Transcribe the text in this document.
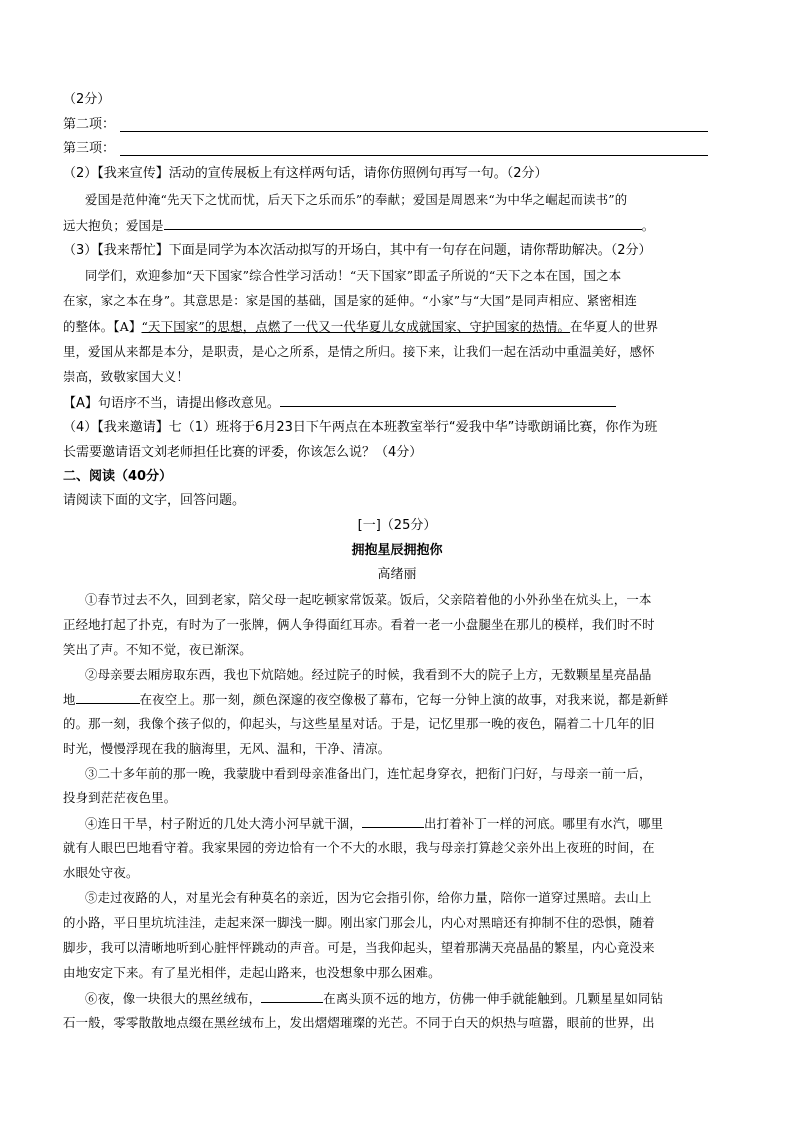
（2分）
第二项：
第三项：
（2）【我来宣传】活动的宣传展板上有这样两句话，请你仿照例句再写一句。（2分）
爱国是范仲淹“先天下之忧而忧，后天下之乐而乐”的奉献；爱国是周恩来“为中华之崛起而读书”的
远大抱负；爱国是	。
（3）【我来帮忙】下面是同学为本次活动拟写的开场白，其中有一句存在问题，请你帮助解决。（2分）
同学们，欢迎参加“天下国家”综合性学习活动！“天下国家”即孟子所说的“天下之本在国，国之本
在家，家之本在身”。其意思是：家是国的基础，国是家的延伸。“小家”与“大国”是同声相应、紧密相连
的整体。【A】“天下国家”的思想，点燃了一代又一代华夏儿女成就国家、守护国家的热情。在华夏人的世界
里，爱国从来都是本分，是职责，是心之所系，是情之所归。接下来，让我们一起在活动中重温美好，感怀
崇高，致敬家国大义！
【A】句语序不当，请提出修改意见。
（4）【我来邀请】七（1）班将于6月23日下午两点在本班教室举行“爱我中华”诗歌朗诵比赛，你作为班
长需要邀请语文刘老师担任比赛的评委，你该怎么说？（4分）
二、阅读（40分）
请阅读下面的文字，回答问题。
[一]（25分）
拥抱星辰拥抱你
高绪丽
①春节过去不久，回到老家，陪父母一起吃顿家常饭菜。饭后，父亲陪着他的小外孙坐在炕头上，一本
正经地打起了扑克，有时为了一张牌，俩人争得面红耳赤。看着一老一小盘腿坐在那儿的模样，我们时不时
笑出了声。不知不觉，夜已渐深。
②母亲要去厢房取东西，我也下炕陪她。经过院子的时候，我看到不大的院子上方，无数颗星星亮晶晶
地	在夜空上。那一刻，颜色深邃的夜空像极了幕布，它每一分钟上演的故事，对我来说，都是新鲜
的。那一刻，我像个孩子似的，仰起头，与这些星星对话。于是，记忆里那一晚的夜色，隔着二十几年的旧
时光，慢慢浮现在我的脑海里，无风、温和，干净、清凉。
③二十多年前的那一晚，我蒙胧中看到母亲准备出门，连忙起身穿衣，把衔门闩好，与母亲一前一后，
投身到茫茫夜色里。
④连日干旱，村子附近的几处大湾小河早就干涸，	出打着补丁一样的河底。哪里有水汽，哪里
就有人眼巴巴地看守着。我家果园的旁边恰有一个不大的水眼，我与母亲打算趁父亲外出上夜班的时间，在
水眼处守夜。
⑤走过夜路的人，对星光会有种莫名的亲近，因为它会指引你，给你力量，陪你一道穿过黑暗。去山上
的小路，平日里坑坑洼洼，走起来深一脚浅一脚。刚出家门那会儿，内心对黑暗还有抑制不住的恐惧，随着
脚步，我可以清晰地听到心脏怦怦跳动的声音。可是，当我仰起头，望着那满天亮晶晶的繁星，内心竟没来
由地安定下来。有了星光相伴，走起山路来，也没想象中那么困难。
⑥夜，像一块很大的黑丝绒布，	在离头顶不远的地方，仿佛一伸手就能触到。几颗星星如同钻
石一般，零零散散地点缀在黑丝绒布上，发出熠熠璀璨的光芒。不同于白天的炽热与喧嚣，眼前的世界，出
